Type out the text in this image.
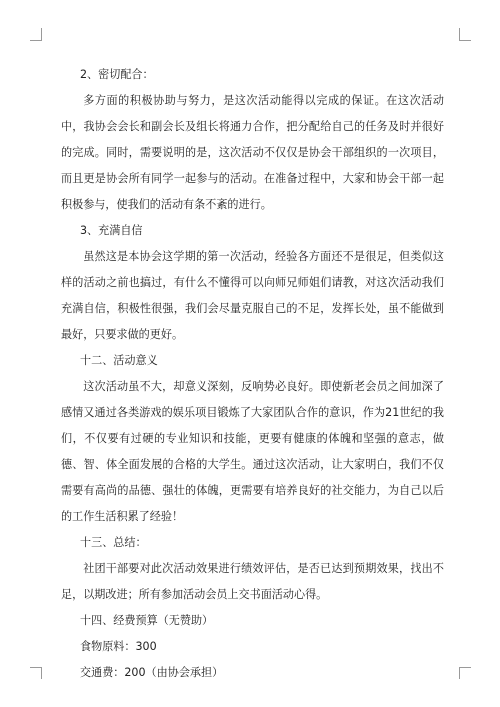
2、密切配合：

多方面的积极协助与努力，是这次活动能得以完成的保证。在这次活动中，我协会会长和副会长及组长将通力合作，把分配给自己的任务及时并很好的完成。同时，需要说明的是，这次活动不仅仅是协会干部组织的一次项目，而且更是协会所有同学一起参与的活动。在准备过程中，大家和协会干部一起积极参与，使我们的活动有条不紊的进行。

3、充满自信

虽然这是本协会这学期的第一次活动，经验各方面还不是很足，但类似这样的活动之前也搞过，有什么不懂得可以向师兄师姐们请教，对这次活动我们充满自信，积极性很强，我们会尽量克服自己的不足，发挥长处，虽不能做到最好，只要求做的更好。

十二、活动意义

这次活动虽不大，却意义深刻，反响势必良好。即使新老会员之间加深了感情又通过各类游戏的娱乐项目锻炼了大家团队合作的意识，作为21世纪的我们，不仅要有过硬的专业知识和技能，更要有健康的体魄和坚强的意志，做德、智、体全面发展的合格的大学生。通过这次活动，让大家明白，我们不仅需要有高尚的品德、强壮的体魄，更需要有培养良好的社交能力，为自己以后的工作生活积累了经验！

十三、总结：

社团干部要对此次活动效果进行绩效评估，是否已达到预期效果，找出不足，以期改进；所有参加活动会员上交书面活动心得。

十四、经费预算（无赞助）

食物原料：300

交通费：200（由协会承担）
